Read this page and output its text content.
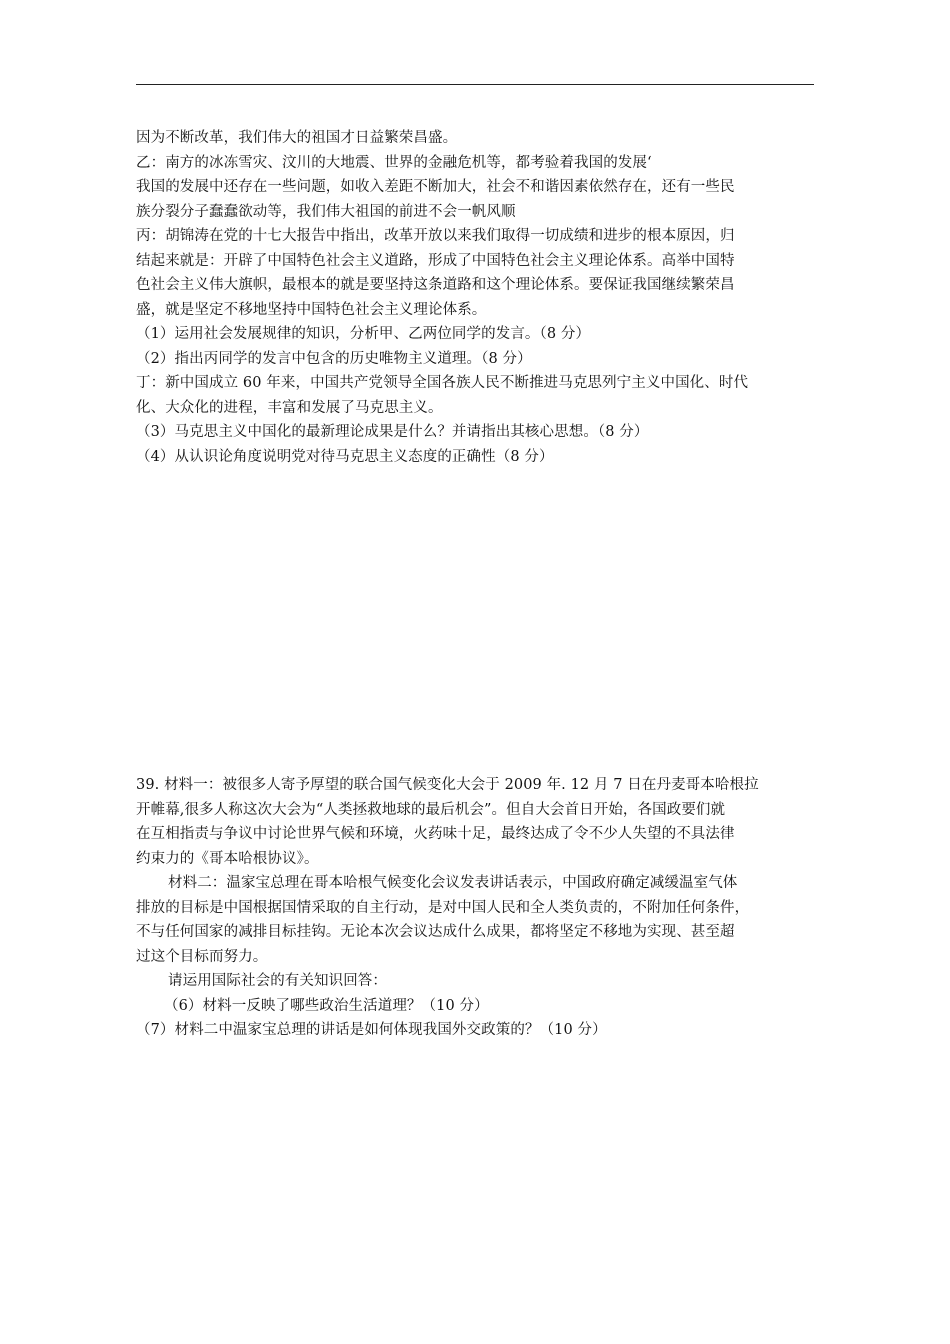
因为不断改革，我们伟大的祖国才日益繁荣昌盛。
乙：南方的冰冻雪灾、汶川的大地震、世界的金融危机等，都考验着我国的发展‘
我国的发展中还存在一些问题，如收入差距不断加大，社会不和谐因素依然存在，还有一些民
族分裂分子蠢蠢欲动等，我们伟大祖国的前进不会一帆风顺
丙：胡锦涛在党的十七大报告中指出，改革开放以来我们取得一切成绩和进步的根本原因，归
结起来就是：开辟了中国特色社会主义道路，形成了中国特色社会主义理论体系。高举中国特
色社会主义伟大旗帜，最根本的就是要坚持这条道路和这个理论体系。要保证我国继续繁荣昌
盛，就是坚定不移地坚持中国特色社会主义理论体系。
（1）运用社会发展规律的知识，分析甲、乙两位同学的发言。（8 分）
（2）指出丙同学的发言中包含的历史唯物主义道理。（8 分）
丁：新中国成立 60 年来，中国共产党领导全国各族人民不断推进马克思列宁主义中国化、时代
化、大众化的进程，丰富和发展了马克思主义。
（3）马克思主义中国化的最新理论成果是什么？并请指出其核心思想。（8 分）
（4）从认识论角度说明党对待马克思主义态度的正确性（8 分）
39. 材料一：被很多人寄予厚望的联合国气候变化大会于 2009 年. 12 月 7 日在丹麦哥本哈根拉
开帷幕,很多人称这次大会为“人类拯救地球的最后机会”。但自大会首日开始，各国政要们就
在互相指责与争议中讨论世界气候和环境，火药味十足，最终达成了令不少人失望的不具法律
约束力的《哥本哈根协议》。
材料二：温家宝总理在哥本哈根气候变化会议发表讲话表示，中国政府确定减缓温室气体
排放的目标是中国根据国情采取的自主行动，是对中国人民和全人类负责的，不附加任何条件，
不与任何国家的减排目标挂钩。无论本次会议达成什么成果，都将坚定不移地为实现、甚至超
过这个目标而努力。
请运用国际社会的有关知识回答：
（6）材料一反映了哪些政治生活道理？（10 分）
（7）材料二中温家宝总理的讲话是如何体现我国外交政策的？（10 分）
